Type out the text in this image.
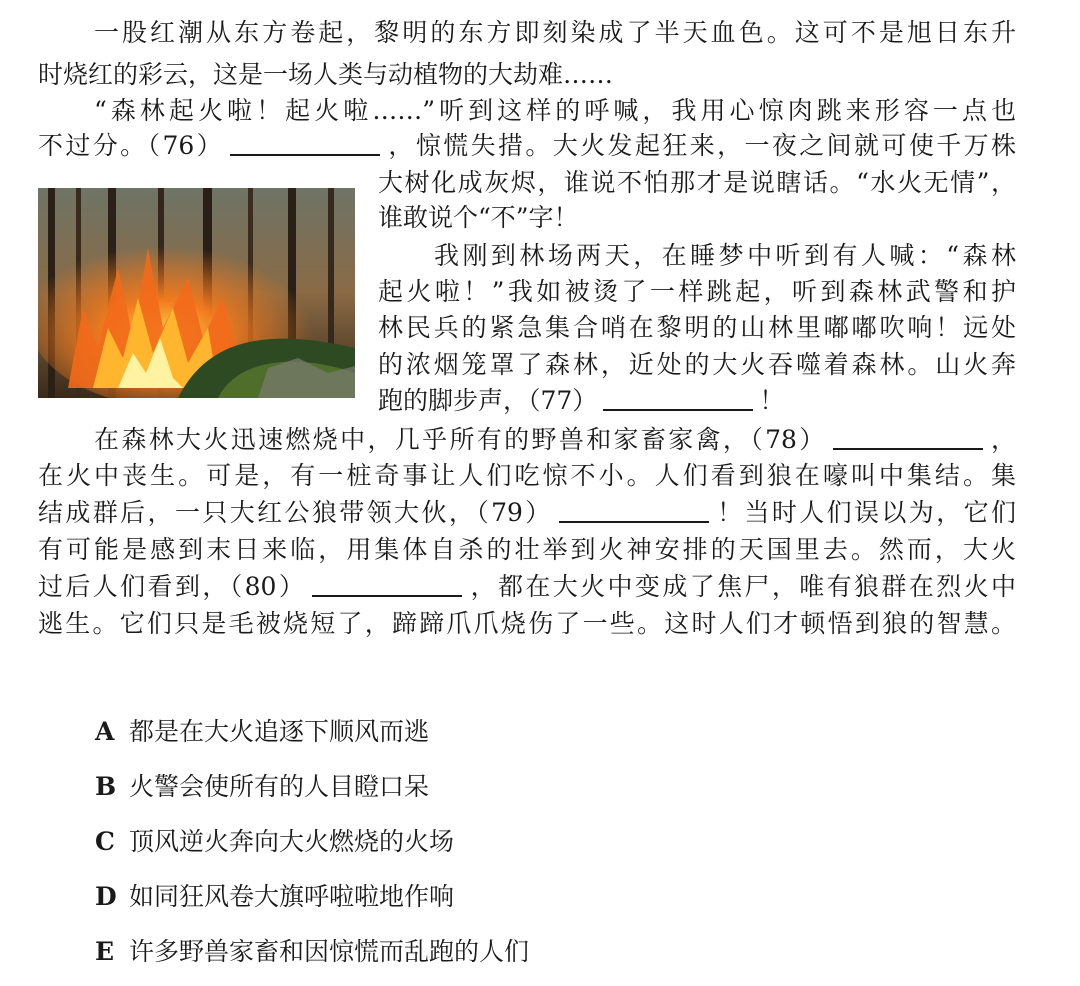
一股红潮从东方卷起，黎明的东方即刻染成了半天血色。这可不是旭日东升
时烧红的彩云，这是一场人类与动植物的大劫难……
“森林起火啦！起火啦……”听到这样的呼喊，我用心惊肉跳来形容一点也
不过分。（76）	，惊慌失措。大火发起狂来，一夜之间就可使千万株
大树化成灰烬，谁说不怕那才是说瞎话。“水火无情”，
谁敢说个“不”字！
我刚到林场两天，在睡梦中听到有人喊：“森林
起火啦！”我如被烫了一样跳起，听到森林武警和护
林民兵的紧急集合哨在黎明的山林里嘟嘟吹响！远处
的浓烟笼罩了森林，近处的大火吞噬着森林。山火奔
跑的脚步声，（77）	！
在森林大火迅速燃烧中，几乎所有的野兽和家畜家禽，（78）	，
在火中丧生。可是，有一桩奇事让人们吃惊不小。人们看到狼在嚎叫中集结。集
结成群后，一只大红公狼带领大伙，（79）	！当时人们误以为，它们
有可能是感到末日来临，用集体自杀的壮举到火神安排的天国里去。然而，大火
过后人们看到，（80）	，都在大火中变成了焦尸，唯有狼群在烈火中
逃生。它们只是毛被烧短了，蹄蹄爪爪烧伤了一些。这时人们才顿悟到狼的智慧。
A 都是在大火追逐下顺风而逃
B 火警会使所有的人目瞪口呆
C 顶风逆火奔向大火燃烧的火场
D 如同狂风卷大旗呼啦啦地作响
E 许多野兽家畜和因惊慌而乱跑的人们
